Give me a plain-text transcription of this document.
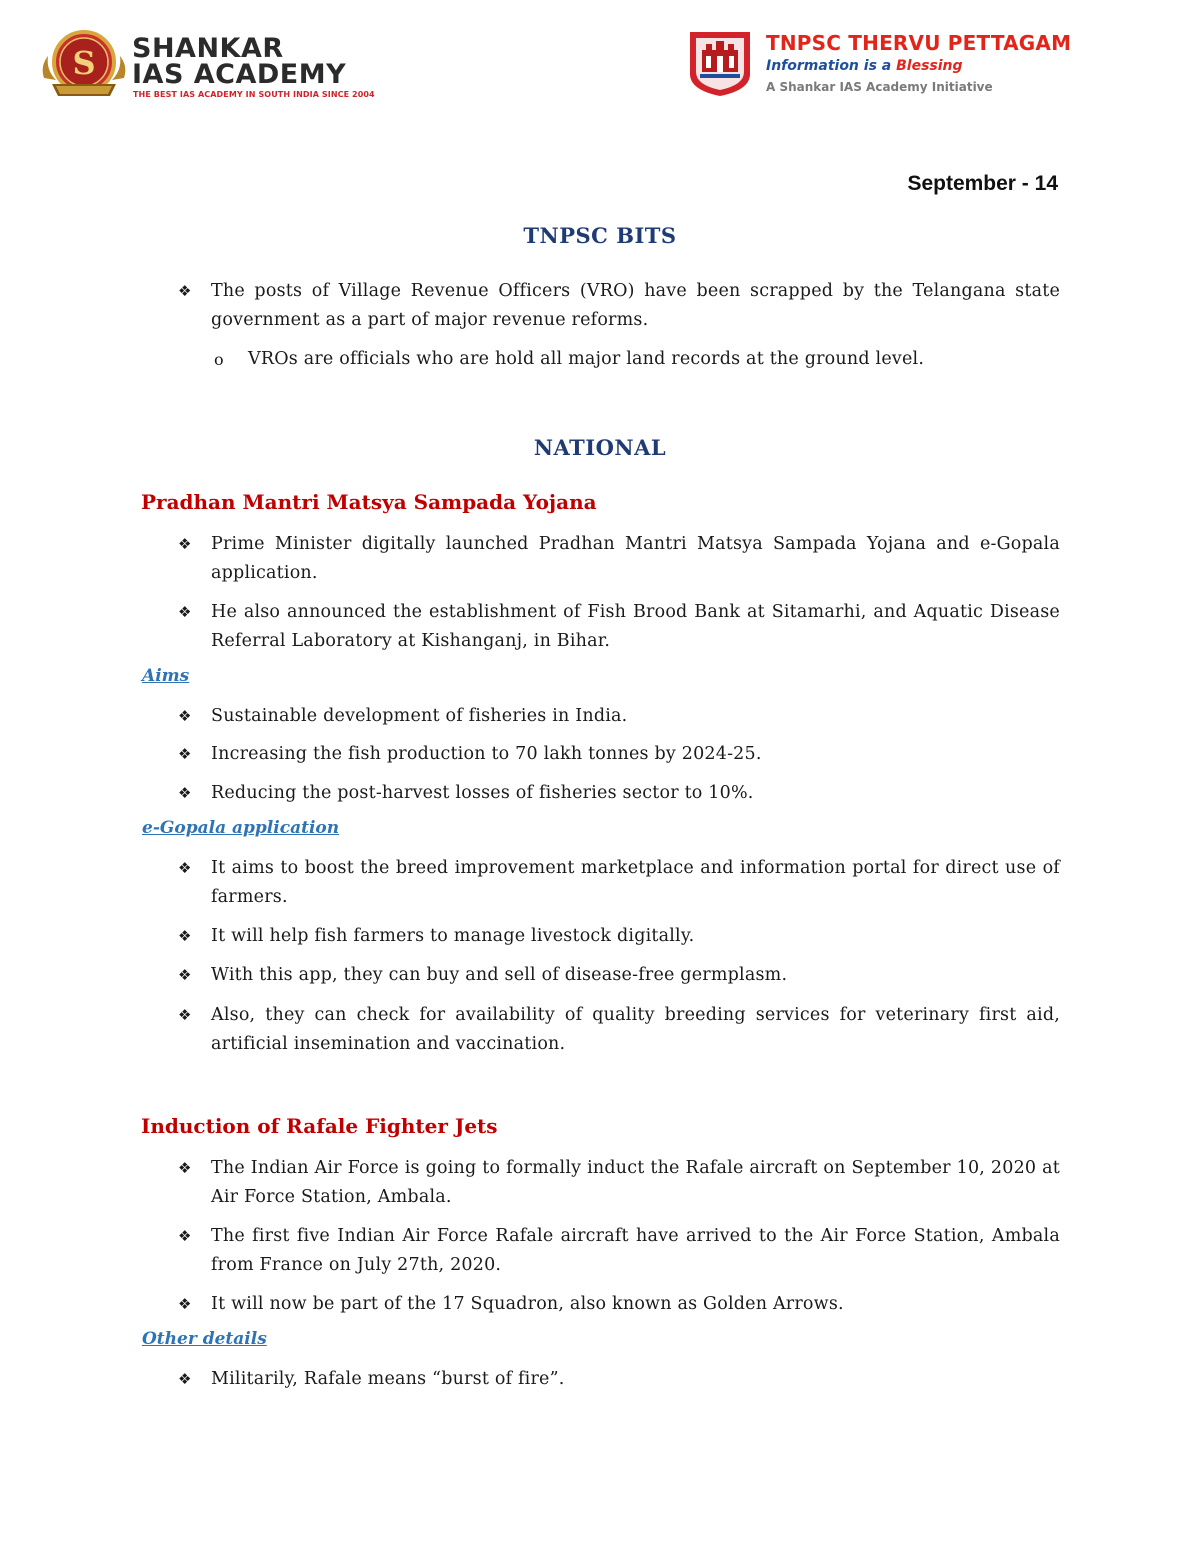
S SHANKAR
IAS ACADEMY
THE BEST IAS ACADEMY IN SOUTH INDIA SINCE 2004
TNPSC THERVU PETTAGAM
Information is a Blessing
A Shankar IAS Academy Initiative
September - 14
TNPSC BITS
❖ The posts of Village Revenue Officers (VRO) have been scrapped by the Telangana state government as a part of major revenue reforms.
o VROs are officials who are hold all major land records at the ground level.
NATIONAL
Pradhan Mantri Matsya Sampada Yojana
❖ Prime Minister digitally launched Pradhan Mantri Matsya Sampada Yojana and e-Gopala application.
❖ He also announced the establishment of Fish Brood Bank at Sitamarhi, and Aquatic Disease Referral Laboratory at Kishanganj, in Bihar.
Aims
❖ Sustainable development of fisheries in India.
❖ Increasing the fish production to 70 lakh tonnes by 2024-25.
❖ Reducing the post-harvest losses of fisheries sector to 10%.
e-Gopala application
❖ It aims to boost the breed improvement marketplace and information portal for direct use of farmers.
❖ It will help fish farmers to manage livestock digitally.
❖ With this app, they can buy and sell of disease-free germplasm.
❖ Also, they can check for availability of quality breeding services for veterinary first aid, artificial insemination and vaccination.
Induction of Rafale Fighter Jets
❖ The Indian Air Force is going to formally induct the Rafale aircraft on September 10, 2020 at Air Force Station, Ambala.
❖ The first five Indian Air Force Rafale aircraft have arrived to the Air Force Station, Ambala from France on July 27th, 2020.
❖ It will now be part of the 17 Squadron, also known as Golden Arrows.
Other details
❖ Militarily, Rafale means “burst of fire”.
